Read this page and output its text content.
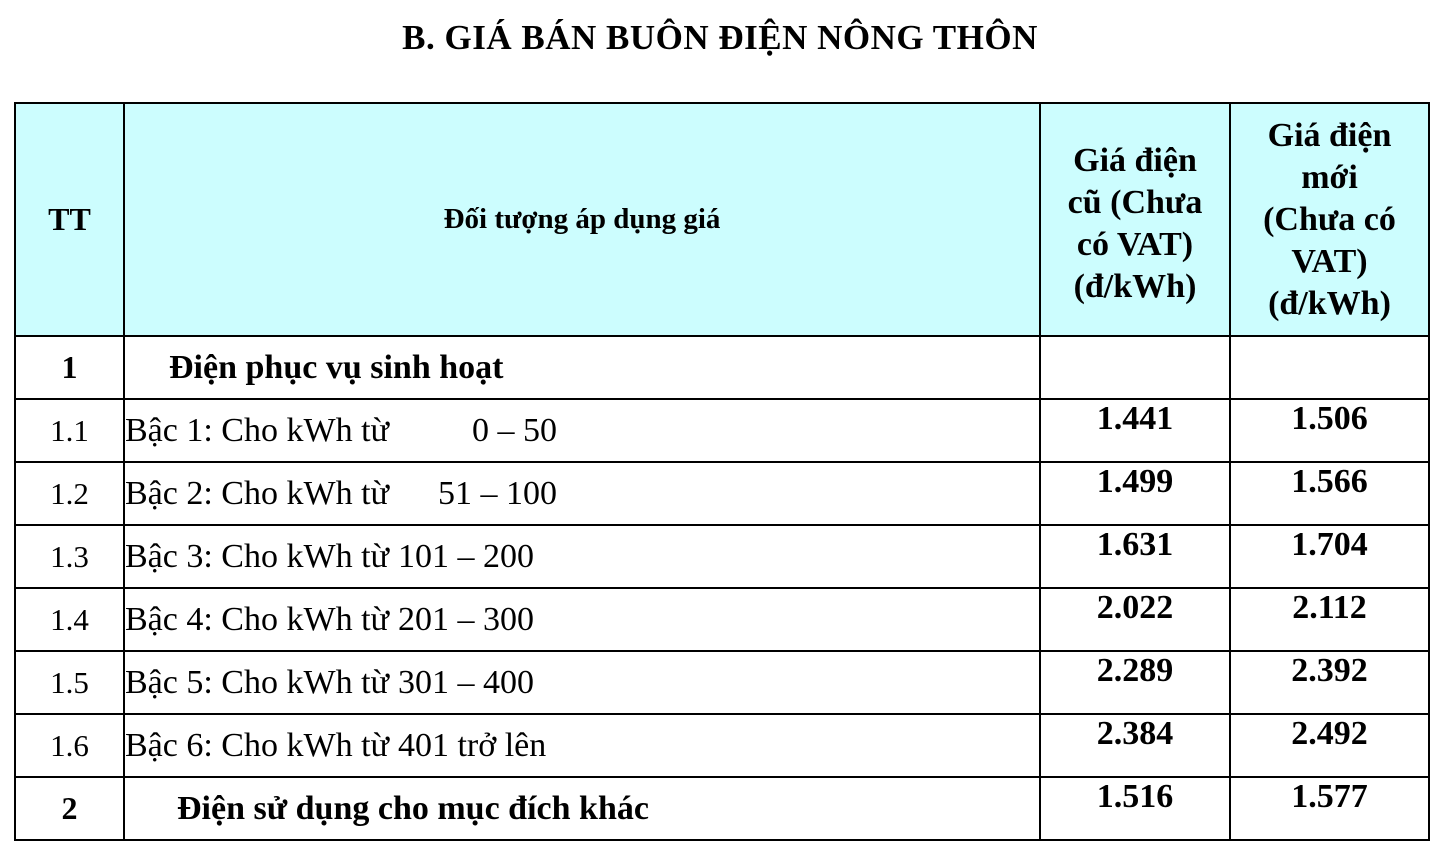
B. GIÁ BÁN BUÔN ĐIỆN NÔNG THÔN
TT	Đối tượng áp dụng giá	Giá điện
cũ (Chưa
có VAT)
(đ/kWh)	Giá điện
mới
(Chưa có
VAT)
(đ/kWh)

1	Điện phục vụ sinh hoạt		
1.1	Bậc 1: Cho kWh từ 0 – 50	1.441	1.506
1.2	Bậc 2: Cho kWh từ 51 – 100	1.499	1.566
1.3	Bậc 3: Cho kWh từ 101 – 200	1.631	1.704
1.4	Bậc 4: Cho kWh từ 201 – 300	2.022	2.112
1.5	Bậc 5: Cho kWh từ 301 – 400	2.289	2.392
1.6	Bậc 6: Cho kWh từ 401 trở lên	2.384	2.492
2	Điện sử dụng cho mục đích khác	1.516	1.577
